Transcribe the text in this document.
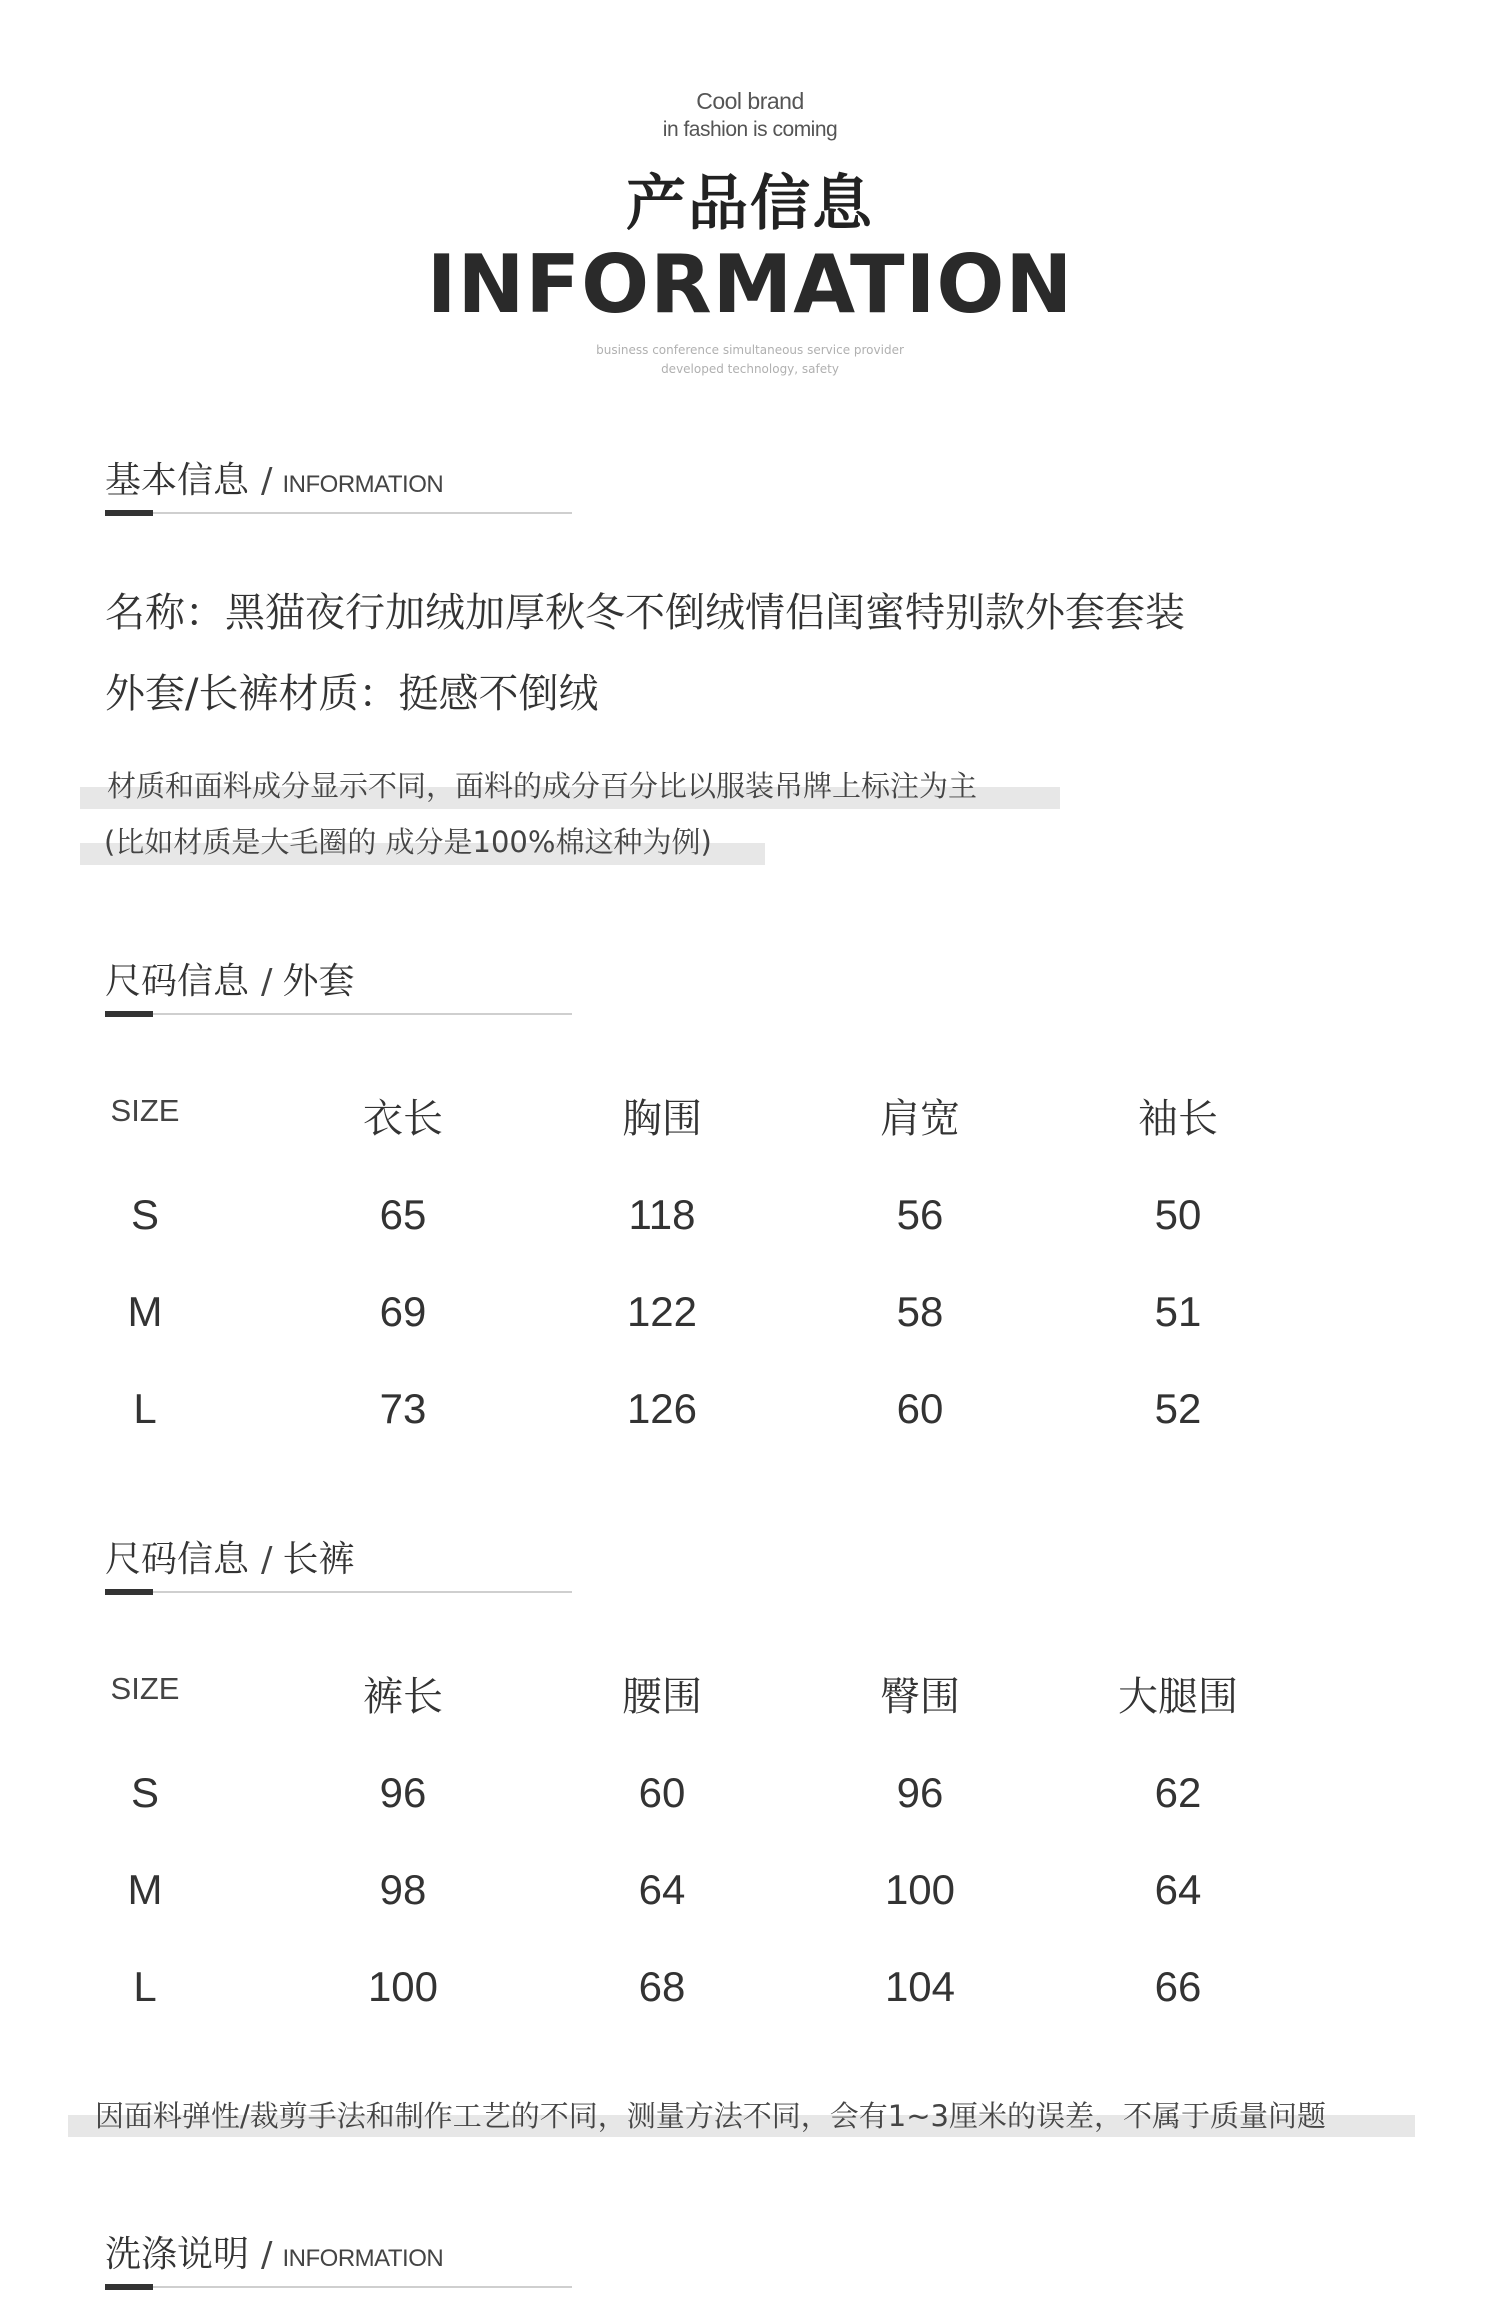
Cool brand
in fashion is coming
产品信息
INFORMATION
business conference simultaneous service provider
developed technology, safety
基本信息 / INFORMATION
名称：黑猫夜行加绒加厚秋冬不倒绒情侣闺蜜特别款外套套装
外套/长裤材质：挺感不倒绒
材质和面料成分显示不同，面料的成分百分比以服装吊牌上标注为主
(比如材质是大毛圈的 成分是100%棉这种为例)
尺码信息 / 外套
SIZE	衣长	胸围	肩宽	袖长
S	65	118	56	50
M	69	122	58	51
L	73	126	60	52
尺码信息 / 长裤
SIZE	裤长	腰围	臀围	大腿围
S	96	60	96	62
M	98	64	100	64
L	100	68	104	66
因面料弹性/裁剪手法和制作工艺的不同，测量方法不同，会有1~3厘米的误差，不属于质量问题
洗涤说明 / INFORMATION
